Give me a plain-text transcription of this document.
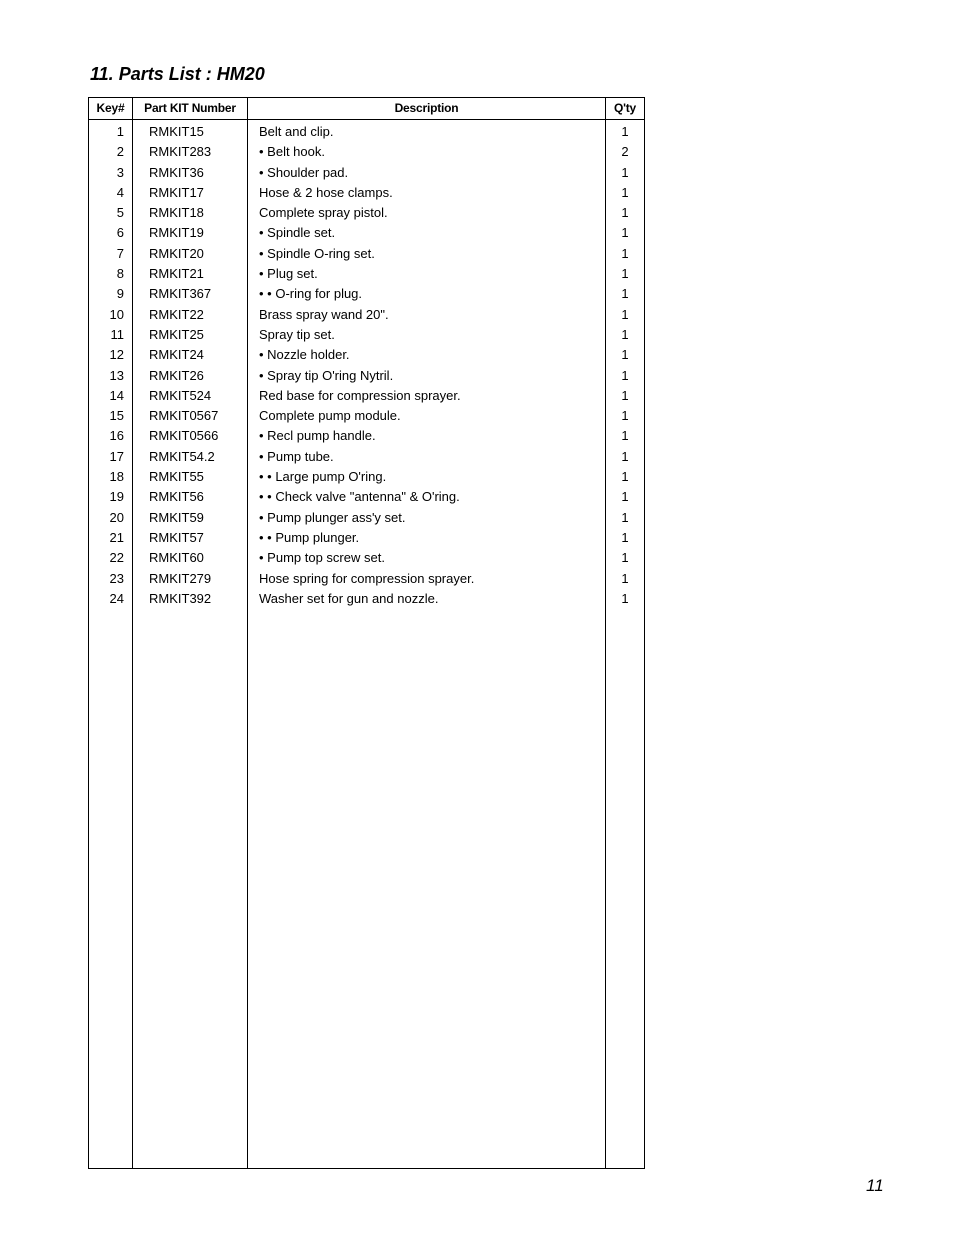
11. Parts List : HM20
Key#	Part KIT Number	Description	Q'ty
1 RMKIT15	Belt and clip.	1
2 RMKIT283	• Belt hook.	2
3 RMKIT36	• Shoulder pad.	1
4 RMKIT17	Hose & 2 hose clamps.	1
5 RMKIT18	Complete spray pistol.	1
6 RMKIT19	• Spindle set.	1
7 RMKIT20	• Spindle O-ring set.	1
8 RMKIT21	• Plug set.	1
9 RMKIT367	• • O-ring for plug.	1
10 RMKIT22	Brass spray wand 20".	1
11 RMKIT25	Spray tip set.	1
12 RMKIT24	• Nozzle holder.	1
13 RMKIT26	• Spray tip O'ring Nytril.	1
14 RMKIT524	Red base for compression sprayer.	1
15 RMKIT0567	Complete pump module.	1
16 RMKIT0566	• Recl pump handle.	1
17 RMKIT54.2	• Pump tube.	1
18 RMKIT55	• • Large pump O'ring.	1
19 RMKIT56	• • Check valve "antenna" & O'ring.	1
20 RMKIT59	• Pump plunger ass'y set.	1
21 RMKIT57	• • Pump plunger.	1
22 RMKIT60	• Pump top screw set.	1
23 RMKIT279	Hose spring for compression sprayer.	1
24 RMKIT392	Washer set for gun and nozzle.	1
11
